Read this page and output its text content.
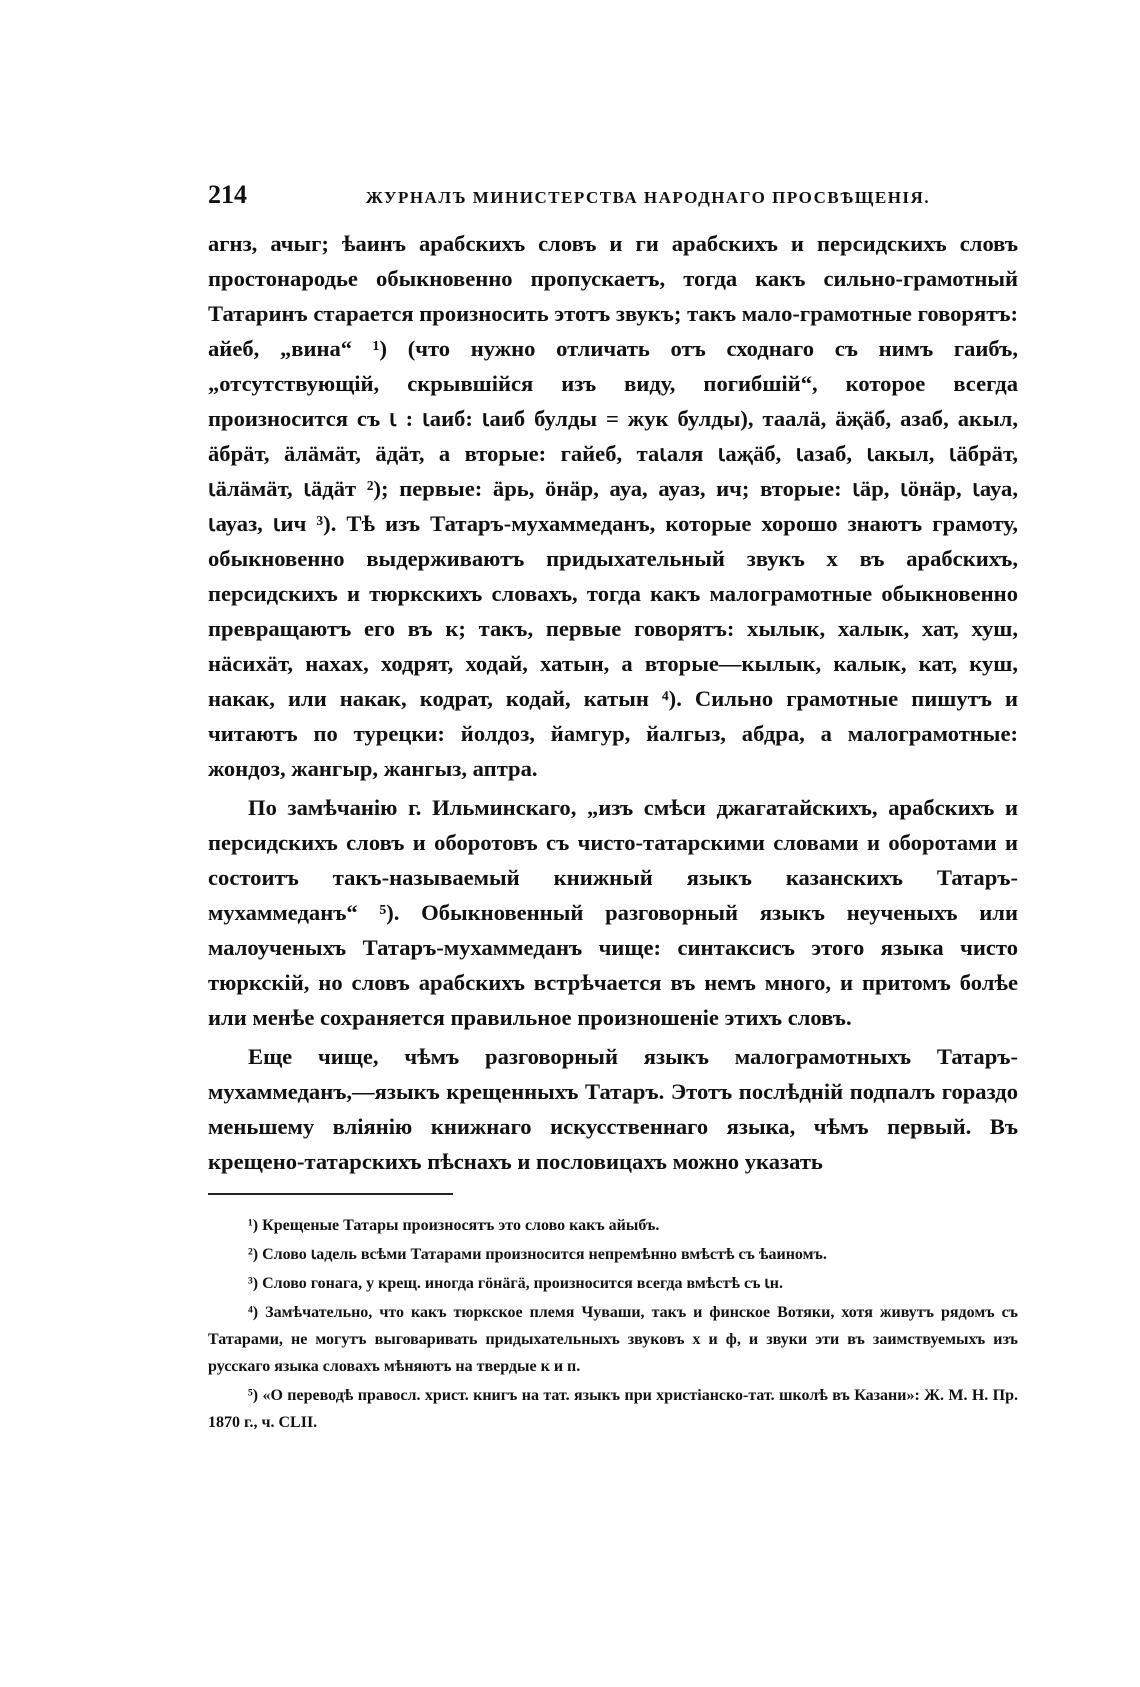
214	ЖУРНАЛЪ МИНИСТЕРСТВА НАРОДНАГО ПРОСВѢЩЕНІЯ.

агнз, ачыг; ѣаинъ арабскихъ словъ и ги арабскихъ и персидскихъ словъ простонародье обыкновенно пропускаетъ, тогда какъ сильно-грамотный Татаринъ старается произносить этотъ звукъ; такъ мало-грамотные говорятъ: айеб, „вина“ ¹) (что нужно отличать отъ сходнаго съ нимъ гаибъ, „отсутствующій, скрывшійся изъ виду, погибшій“, которое всегда произносится съ ꙇ : ꙇаиб: ꙇаиб булды = жук булды), таалӓ, ӓҗӓб, азаб, акыл, ӓбрӓт, ӓлӓмӓт, ӓдӓт, а вторые: гайеб, таꙇаля ꙇаҗӓб, ꙇазаб, ꙇакыл, ꙇӓбрӓт, ꙇӓлӓмӓт, ꙇӓдӓт ²); первые: ӓрь, ӧнӓр, ауа, ауаз, ич; вторые: ꙇӓр, ꙇӧнӓр, ꙇауа, ꙇауаз, ꙇич ³). Тѣ изъ Татаръ-мухаммеданъ, которые хорошо знаютъ грамоту, обыкновенно выдерживаютъ придыхательный звукъ х въ арабскихъ, персидскихъ и тюркскихъ словахъ, тогда какъ малограмотные обыкновенно превращаютъ его въ к; такъ, первые говорятъ: хылык, халык, хат, хуш, нӓсихӓт, нахах, ходрят, ходай, хатын, а вторые—кылык, калык, кат, куш, накак, или накак, кодрат, кодай, катын ⁴). Сильно грамотные пишутъ и читаютъ по турецки: йолдоз, йамгур, йалгыз, абдра, а малограмотные: жондоз, жангыр, жангыз, аптра.

По замѣчанію г. Ильминскаго, „изъ смѣси джагатайскихъ, арабскихъ и персидскихъ словъ и оборотовъ съ чисто-татарскими словами и оборотами и состоитъ такъ-называемый книжный языкъ казанскихъ Татаръ-мухаммеданъ“ ⁵). Обыкновенный разговорный языкъ неученыхъ или малоученыхъ Татаръ-мухаммеданъ чище: синтаксисъ этого языка чисто тюркскій, но словъ арабскихъ встрѣчается въ немъ много, и притомъ болѣе или менѣе сохраняется правильное произношеніе этихъ словъ.

Еще чище, чѣмъ разговорный языкъ малограмотныхъ Татаръ-мухаммеданъ,—языкъ крещенныхъ Татаръ. Этотъ послѣдній подпалъ гораздо меньшему вліянію книжнаго искусственнаго языка, чѣмъ первый. Въ крещено-татарскихъ пѣснахъ и пословицахъ можно указать

¹) Крещеные Татары произносятъ это слово какъ айыбъ.

²) Слово ꙇадель всѣми Татарами произносится непремѣнно вмѣстѣ съ ѣаиномъ.

³) Слово гонага, у крещ. иногда гӧнӓгӓ, произносится всегда вмѣстѣ съ ꙇн.

⁴) Замѣчательно, что какъ тюркское племя Чуваши, такъ и финское Вотяки, хотя живутъ рядомъ съ Татарами, не могутъ выговаривать придыхательныхъ звуковъ х и ф, и звуки эти въ заимствуемыхъ изъ русскаго языка словахъ мѣняютъ на твердые к и п.

⁵) «О переводѣ правосл. христ. книгъ на тат. языкъ при христіанско-тат. школѣ въ Казани»: Ж. М. Н. Пр. 1870 г., ч. CLII.
